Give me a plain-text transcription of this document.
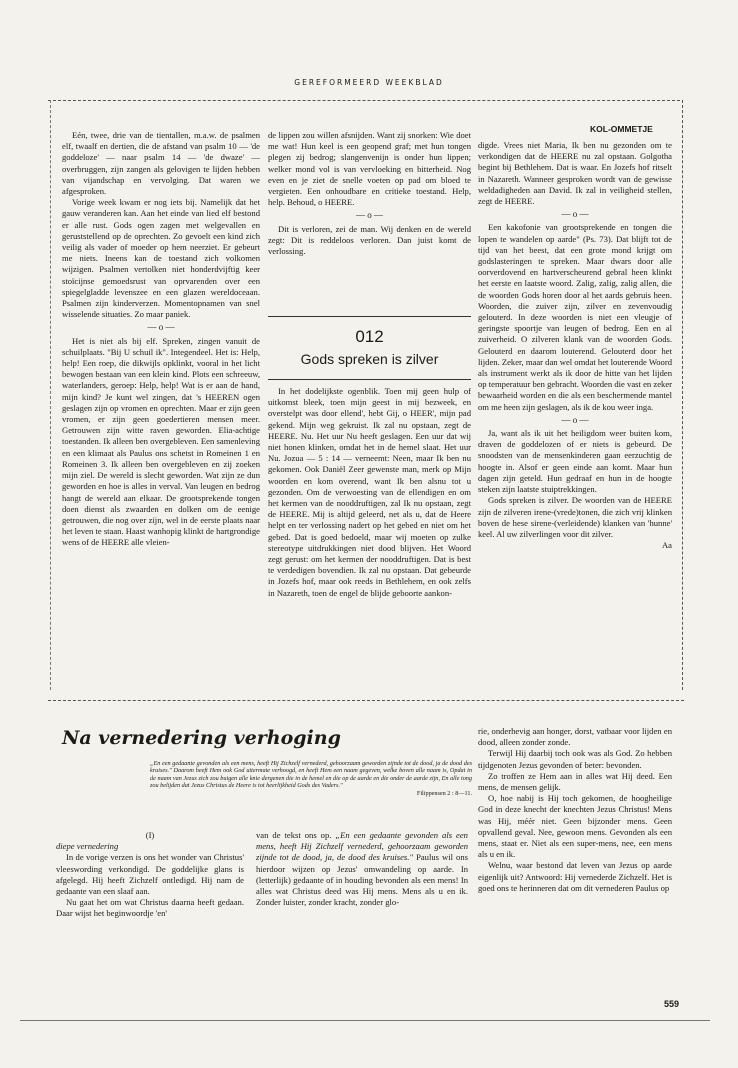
GEREFORMEERD WEEKBLAD
KOL-OMMETJE

Eén, twee, drie van de tientallen, m.a.w. de psalmen elf, twaalf en dertien, die de afstand van psalm 10 — 'de goddeloze' — naar psalm 14 — 'de dwaze' — overbruggen, zijn zangen als gelovigen te lijden hebben van vijandschap en vervolging. Dat waren we afgesproken.

Vorige week kwam er nog iets bij. Namelijk dat het gauw veranderen kan. Aan het einde van lied elf bestond er alle rust. Gods ogen zagen met welgevallen en geruststellend op de oprechten. Zo gevoelt een kind zich veilig als vader of moeder op hem neerziet. Er gebeurt me niets. Ineens kan de toestand zich volkomen wijzigen. Psalmen vertolken niet honderdvijftig keer stoïcijnse gemoedsrust van oprvarenden over een spiegelgladde levenszee en een glazen wereldoceaan. Psalmen zijn kinderverzen. Momentopnamen van snel wisselende situaties. Zo maar paniek.

— o —

Het is niet als bij elf. Spreken, zingen vanuit de schuilplaats. "Bij U schuil ik". Integendeel. Het is: Help, help! Een roep, die dikwijls opklinkt, vooral in het licht bewogen bestaan van een klein kind. Plots een schreeuw, waterlanders, geroep: Help, help! Wat is er aan de hand, mijn kind? Je kunt wel zingen, dat 's HEEREN ogen geslagen zijn op vromen en oprechten. Maar er zijn geen vromen, er zijn geen goedertieren mensen meer. Getrouwen zijn witte raven geworden. Elia-achtige toestanden. Ik alleen ben overgebleven. Een samenleving en een klimaat als Paulus ons schetst in Romeinen 1 en Romeinen 3. Ik alleen ben overgebleven en zij zoeken mijn ziel. De wereld is slecht geworden. Wat zijn ze dun geworden en hoe is alles in verval. Van leugen en bedrog hangt de wereld aan elkaar. De grootsprekende tongen doen dienst als zwaarden en dolken om de eenige getrouwen, die nog over zijn, wel in de eerste plaats naar het leven te staan. Haast wanhopig klinkt de hartgrondige wens of de HEERE alle vleien-

de lippen zou willen afsnijden. Want zij snorken: Wie doet me wat! Hun keel is een geopend graf; met hun tongen plegen zij bedrog; slangenvenijn is onder hun lippen; welker mond vol is van vervloeking en bitterheid. Nog even en je ziet de snelle voeten op pad om bloed te vergieten. Een onhoudbare en critieke toestand. Help, help. Behoud, o HEERE.

— o —

Dit is verloren, zei de man. Wij denken en de wereld zegt: Dit is reddeloos verloren. Dan juist komt de verlossing.

012
Gods spreken is zilver

In het dodelijkste ogenblik. Toen mij geen hulp of uitkomst bleek, toen mijn geest in mij bezweek, en overstelpt was door ellend', hebt Gij, o HEER', mijn pad gekend. Mijn weg gekruist. Ik zal nu opstaan, zegt de HEERE. Nu. Het uur Nu heeft geslagen. Een uur dat wij niet honen klinken, omdat het in de hemel slaat. Het uur Nu. Jozua — 5 : 14 — verneemt: Neen, maar Ik ben nu gekomen. Ook Daniël Zeer gewenste man, merk op Mijn woorden en kom overend, want Ik ben alsnu tot u gezonden. Om de verwoesting van de ellendigen en om het kermen van de nooddruftigen, zal Ik nu opstaan, zegt de HEERE. Mij is altijd geleerd, net als u, dat de Heere helpt en ter verlossing nadert op het gebed en niet om het gebed. Dat is goed bedoeld, maar wij moeten op zulke stereotype uitdrukkingen niet dood blijven. Het Woord zegt gerust: om het kermen der nooddruftigen. Dat is best te verdedigen bovendien. Ik zal nu opstaan. Dat gebeurde in Jozefs hof, maar ook reeds in Bethlehem, en ook zelfs in Nazareth, toen de engel de blijde geboorte aankon-

digde. Vrees niet Maria, Ik ben nu gezonden om te verkondigen dat de HEERE nu zal opstaan. Golgotha begint bij Bethlehem. Dat is waar. En Jozefs hof ritselt in Nazareth. Wanneer gesproken wordt van de gewisse weldadigheden aan David. Ik zal in veiligheid stellen, zegt de HEERE.

— o —

Een kakofonie van grootsprekende en tongen die lopen te wandelen op aarde" (Ps. 73). Dat blijft tot de tijd van het beest, dat een grote mond krijgt om godslasteringen te spreken. Maar dwars door alle oorverdovend en hartverscheurend gebral heen klinkt het eerste en laatste woord. Zalig, zalig, zalig allen, die de woorden Gods horen door al het aards gebruis heen. Woorden, die zuiver zijn, zilver en zevenvoudig gelouterd. In deze woorden is niet een vleugje of geringste spoortje van leugen of bedrog. Een en al zuiverheid. O zilveren klank van de woorden Gods. Gelouterd en daarom louterend. Gelouterd door het lijden. Zeker, maar dan wel omdat het louterende Woord als instrument werkt als ik door de hitte van het lijden op temperatuur ben gebracht. Woorden die vast en zeker bewaarheid worden en die als een beschermende mantel om me heen zijn geslagen, als ik de kou weer inga.

— o —

Ja, want als ik uit het heiligdom weer buiten kom, draven de goddelozen of er niets is gebeurd. De snoodsten van de mensenkinderen gaan eerzuchtig de hoogte in. Alsof er geen einde aan komt. Maar hun dagen zijn geteld. Hun gedraaf en hun in de hoogte steken zijn laatste stuiptrekkingen.

Gods spreken is zilver. De woorden van de HEERE zijn de zilveren irene-(vrede)tonen, die zich vrij klinken boven de hese sirene-(verleidende) klanken van 'hunne' keel. Al uw zilverlingen voor dit zilver.

Aa
Na vernedering verhoging
„En een gedaante gevonden als een mens, heeft Hij Zichzelf vernederd, gehoorzaam geworden zijnde tot de dood, ja de dood des kruises." Daarom heeft Hem ook God uitermate verhoogd, en heeft Hem een naam gegeven, welke boven alle naam is, Opdat in de naam van Jezus zich zou buigen alle knie dergenen die in de hemel en die op de aarde en die onder de aarde zijn, En alle tong zou belijden dat Jezus Christus de Heere is tot heerlijkheid Gods des Vaders."
Filippensen 2 : 8—11.
(I)
diepe vernedering

In de vorige verzen is ons het wonder van Christus' vleeswording verkondigd. De goddelijke glans is afgelegd. Hij heeft Zichzelf ontledigd. Hij nam de gedaante van een slaaf aan.

Nu gaat het om wat Christus daarna heeft gedaan. Daar wijst het beginwoordje 'en'

van de tekst ons op. „En een gedaante gevonden als een mens, heeft Hij Zichzelf vernederd, gehoorzaam geworden zijnde tot de dood, ja, de dood des kruises." Paulus wil ons hierdoor wijzen op Jezus' omwandeling op aarde. In (letterlijk) gedaante of in houding bevonden als een mens! In alles wat Christus deed was Hij mens. Mens als u en ik. Zonder luister, zonder kracht, zonder glo-

rie, onderhevig aan honger, dorst, vatbaar voor lijden en dood, alleen zonder zonde.

Terwijl Hij daarbij toch ook was als God. Zo hebben tijdgenoten Jezus gevonden of beter: bevonden.

Zo troffen ze Hem aan in alles wat Hij deed. Een mens, de mensen gelijk.

O, hoe nabij is Hij toch gekomen, de hoogheilige God in deze knecht der knechten Jezus Christus! Mens was Hij, méér niet. Geen bijzonder mens. Geen opvallend geval. Nee, gewoon mens. Gevonden als een mens, staat er. Niet als een super-mens, nee, een mens als u en ik.

Welnu, waar bestond dat leven van Jezus op aarde eigenlijk uit? Antwoord: Hij vernederde Zichzelf. Het is goed ons te herinneren dat om dit vernederen Paulus op

559
